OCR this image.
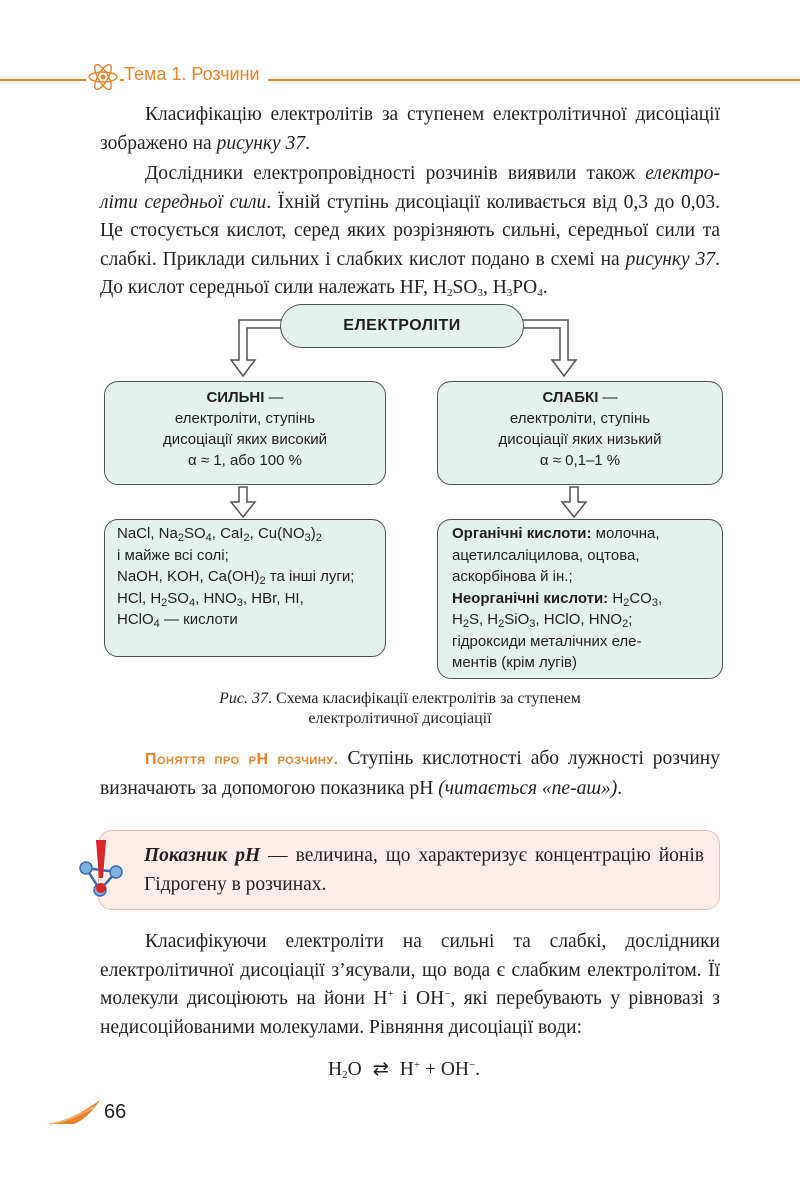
Тема 1. Розчини

Класифікацію електролітів за ступенем електролітичної дисоціації зображено на рисунку 37.

Дослідники електропровідності розчинів виявили також електроліти середньої сили. Їхній ступінь дисоціації коливається від 0,3 до 0,03. Це стосується кислот, серед яких розрізняють сильні, середньої сили та слабкі. Приклади сильних і слабких кислот подано в схемі на рисунку 37. До кислот середньої сили належать HF, $H_2SO_3$, $H_3PO_4$.

ЕЛЕКТРОЛІТИ
СИЛЬНІ —
електроліти, ступінь
дисоціації яких високий
α ≈ 1, або 100 %
СЛАБКІ —
електроліти, ступінь
дисоціації яких низький
α ≈ 0,1–1 %
NaCl, $Na_2SO_4$, CaI$_2$, $Cu(NO_3)_2$
і майже всі солі;
NaOH, KOH, $Ca(OH)_2$ та інші луги;
HCl, $H_2SO_4$, $HNO_3$, HBr, HI,
HClO$_4$ — кислоти
Органічні кислоти: молочна,
ацетилсаліцилова, оцтова,
аскорбінова й ін.;
Неорганічні кислоти: $H_2CO_3$,
$H_2S$, $H_2SiO_3$, HClO, $HNO_2$;
гідроксиди металічних еле-
ментів (крім лугів)
Рис. 37. Схема класифікації електролітів за ступенем
електролітичної дисоціації

Поняття про pH розчину. Ступінь кислотності або лужності розчину визначають за допомогою показника pH (читається «пе-аш»).

Показник pH — величина, що характеризує концентрацію йонів Гідрогену в розчинах.

Класифікуючи електроліти на сильні та слабкі, дослідники електролітичної дисоціації з’ясували, що вода є слабким електролітом. Її молекули дисоціюють на йони H+ і OH−, які перебувають у рівновазі з недисоційованими молекулами. Рівняння дисоціації води:

$H_2O$ ⇄ H+ + OH−.
66
